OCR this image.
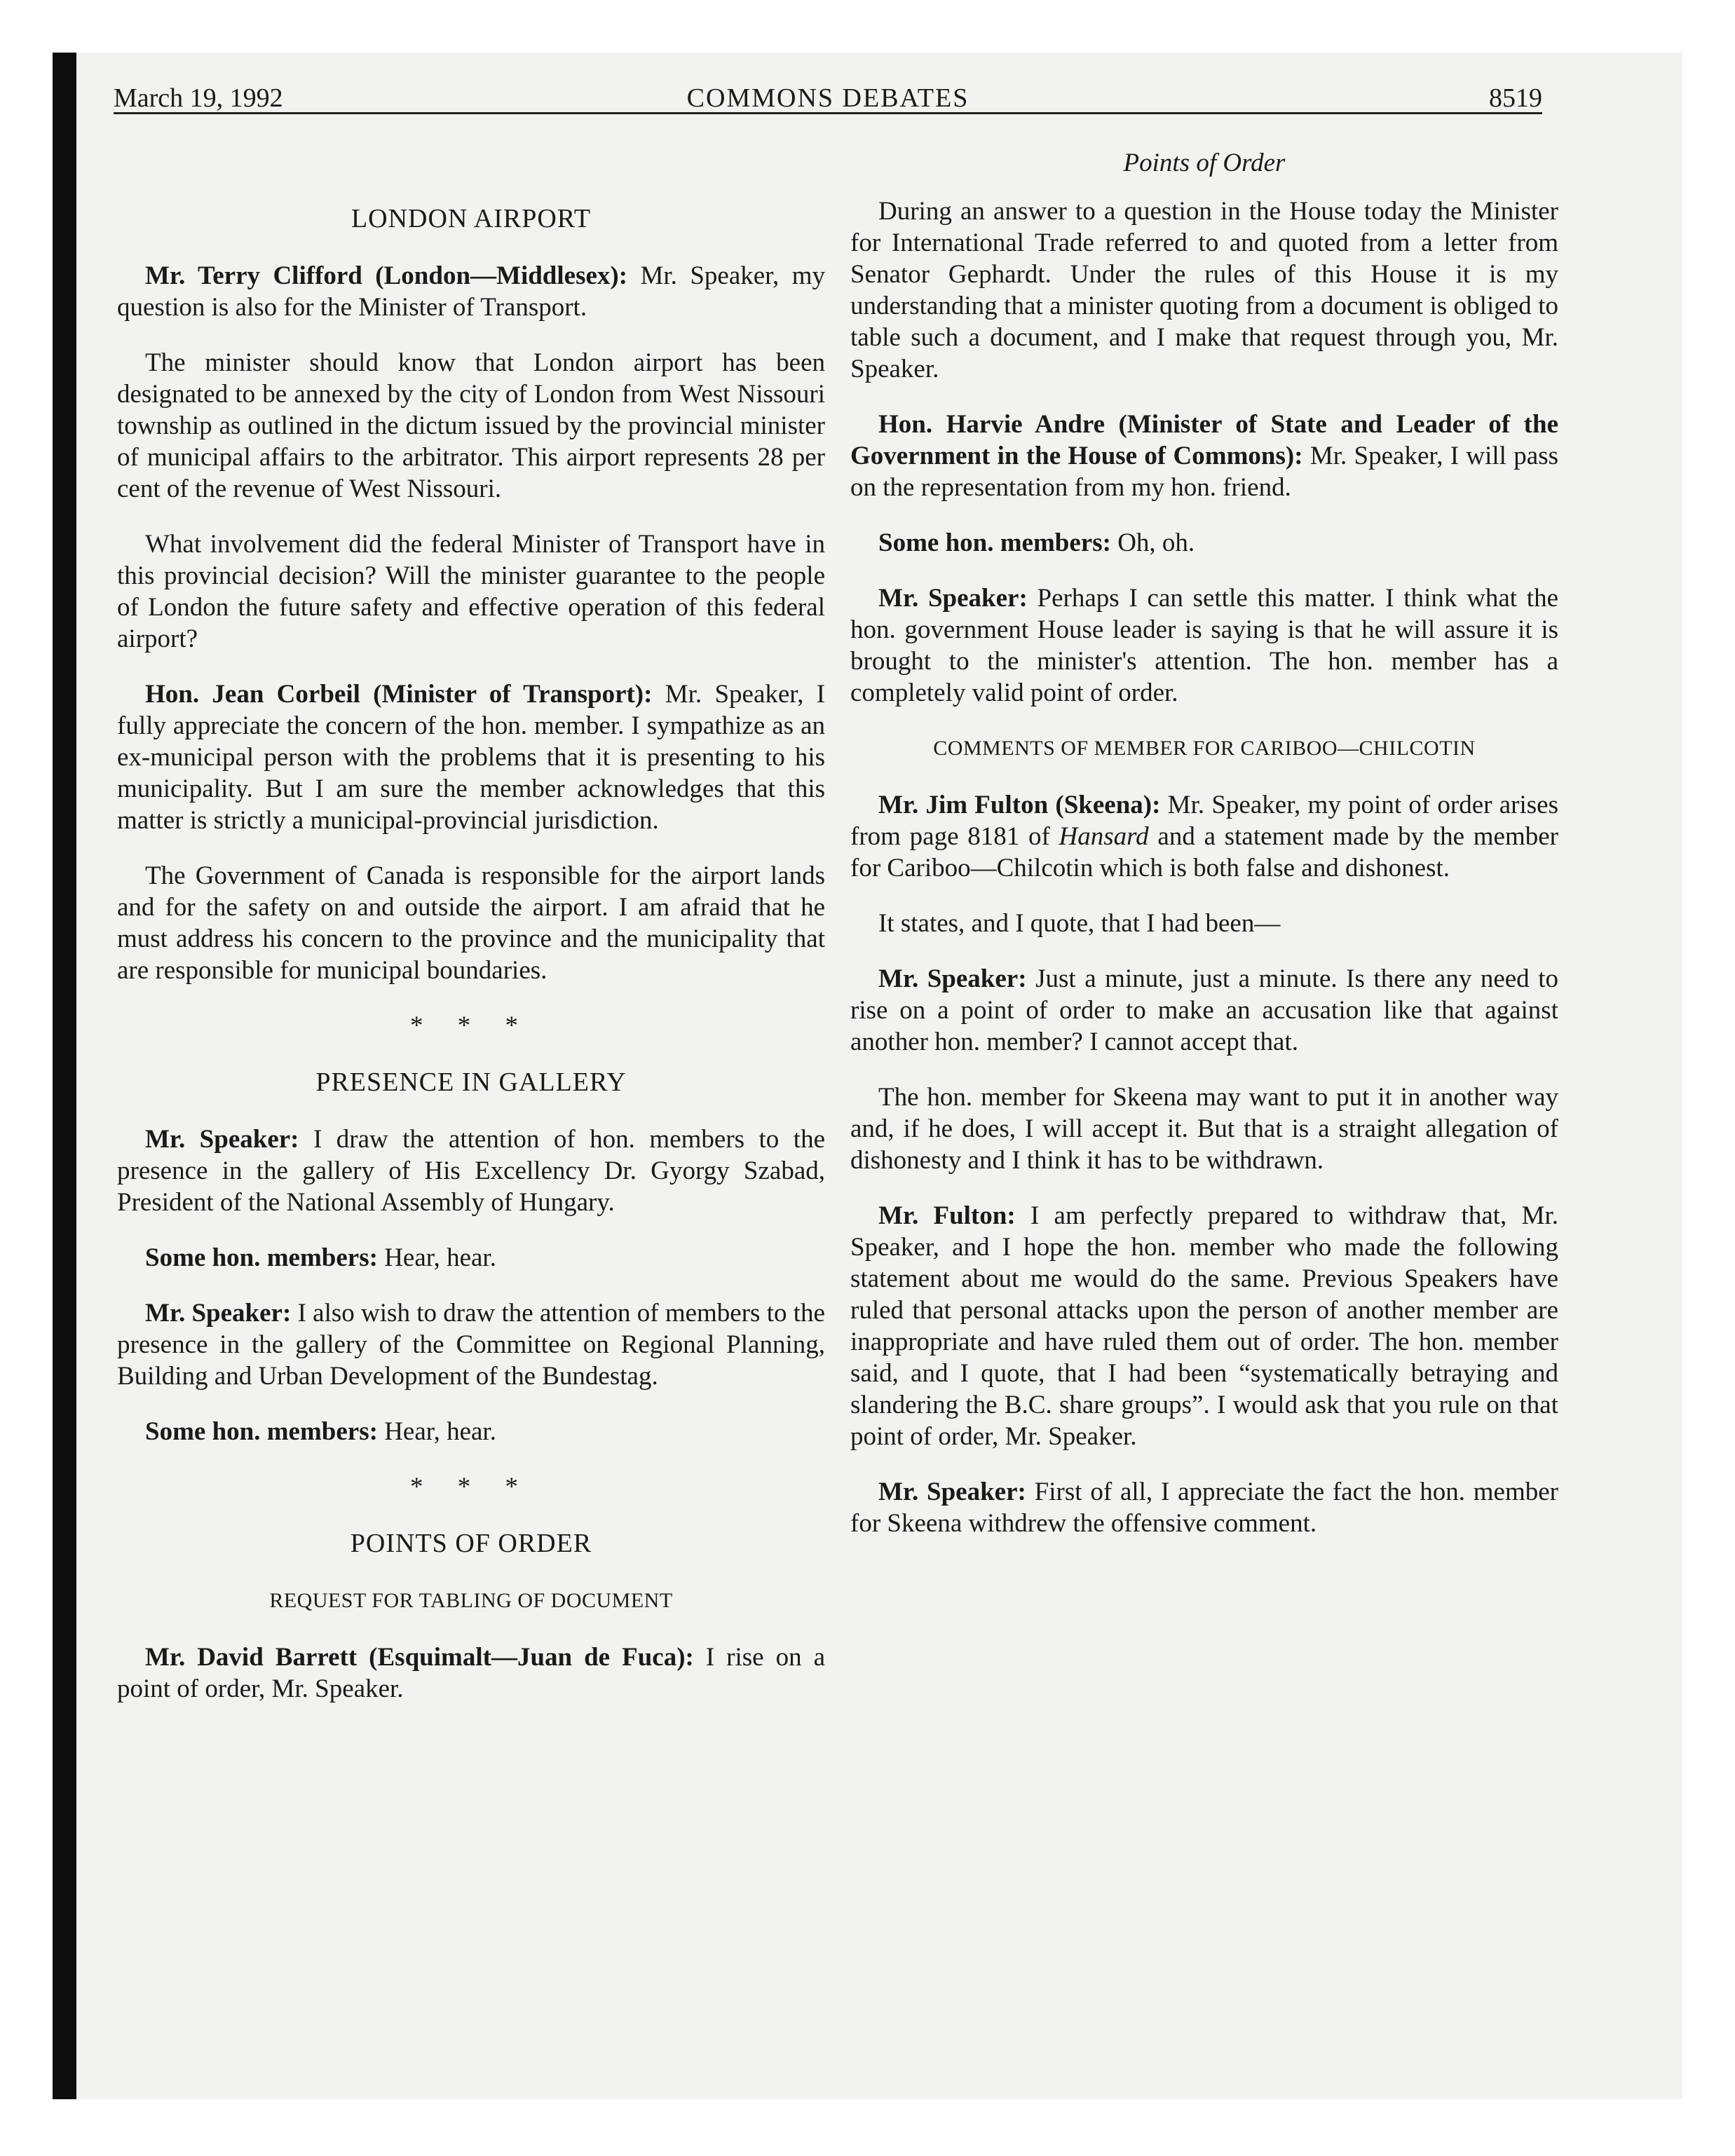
March 19, 1992	COMMONS DEBATES	8519
LONDON AIRPORT

Mr. Terry Clifford (London—Middlesex): Mr. Speaker, my question is also for the Minister of Transport.

The minister should know that London airport has been designated to be annexed by the city of London from West Nissouri township as outlined in the dictum issued by the provincial minister of municipal affairs to the arbitrator. This airport represents 28 per cent of the revenue of West Nissouri.

What involvement did the federal Minister of Transport have in this provincial decision? Will the minister guarantee to the people of London the future safety and effective operation of this federal airport?

Hon. Jean Corbeil (Minister of Transport): Mr. Speaker, I fully appreciate the concern of the hon. member. I sympathize as an ex-municipal person with the problems that it is presenting to his municipality. But I am sure the member acknowledges that this matter is strictly a municipal-provincial jurisdiction.

The Government of Canada is responsible for the airport lands and for the safety on and outside the airport. I am afraid that he must address his concern to the province and the municipality that are responsible for municipal boundaries.

* * *
PRESENCE IN GALLERY

Mr. Speaker: I draw the attention of hon. members to the presence in the gallery of His Excellency Dr. Gyorgy Szabad, President of the National Assembly of Hungary.

Some hon. members: Hear, hear.

Mr. Speaker: I also wish to draw the attention of members to the presence in the gallery of the Committee on Regional Planning, Building and Urban Development of the Bundestag.

Some hon. members: Hear, hear.

* * *
POINTS OF ORDER
REQUEST FOR TABLING OF DOCUMENT

Mr. David Barrett (Esquimalt—Juan de Fuca): I rise on a point of order, Mr. Speaker.

Points of Order

During an answer to a question in the House today the Minister for International Trade referred to and quoted from a letter from Senator Gephardt. Under the rules of this House it is my understanding that a minister quoting from a document is obliged to table such a document, and I make that request through you, Mr. Speaker.

Hon. Harvie Andre (Minister of State and Leader of the Government in the House of Commons): Mr. Speaker, I will pass on the representation from my hon. friend.

Some hon. members: Oh, oh.

Mr. Speaker: Perhaps I can settle this matter. I think what the hon. government House leader is saying is that he will assure it is brought to the minister's attention. The hon. member has a completely valid point of order.

COMMENTS OF MEMBER FOR CARIBOO—CHILCOTIN

Mr. Jim Fulton (Skeena): Mr. Speaker, my point of order arises from page 8181 of Hansard and a statement made by the member for Cariboo—Chilcotin which is both false and dishonest.

It states, and I quote, that I had been—

Mr. Speaker: Just a minute, just a minute. Is there any need to rise on a point of order to make an accusation like that against another hon. member? I cannot accept that.

The hon. member for Skeena may want to put it in another way and, if he does, I will accept it. But that is a straight allegation of dishonesty and I think it has to be withdrawn.

Mr. Fulton: I am perfectly prepared to withdraw that, Mr. Speaker, and I hope the hon. member who made the following statement about me would do the same. Previous Speakers have ruled that personal attacks upon the person of another member are inappropriate and have ruled them out of order. The hon. member said, and I quote, that I had been “systematically betraying and slandering the B.C. share groups”. I would ask that you rule on that point of order, Mr. Speaker.

Mr. Speaker: First of all, I appreciate the fact the hon. member for Skeena withdrew the offensive comment.
